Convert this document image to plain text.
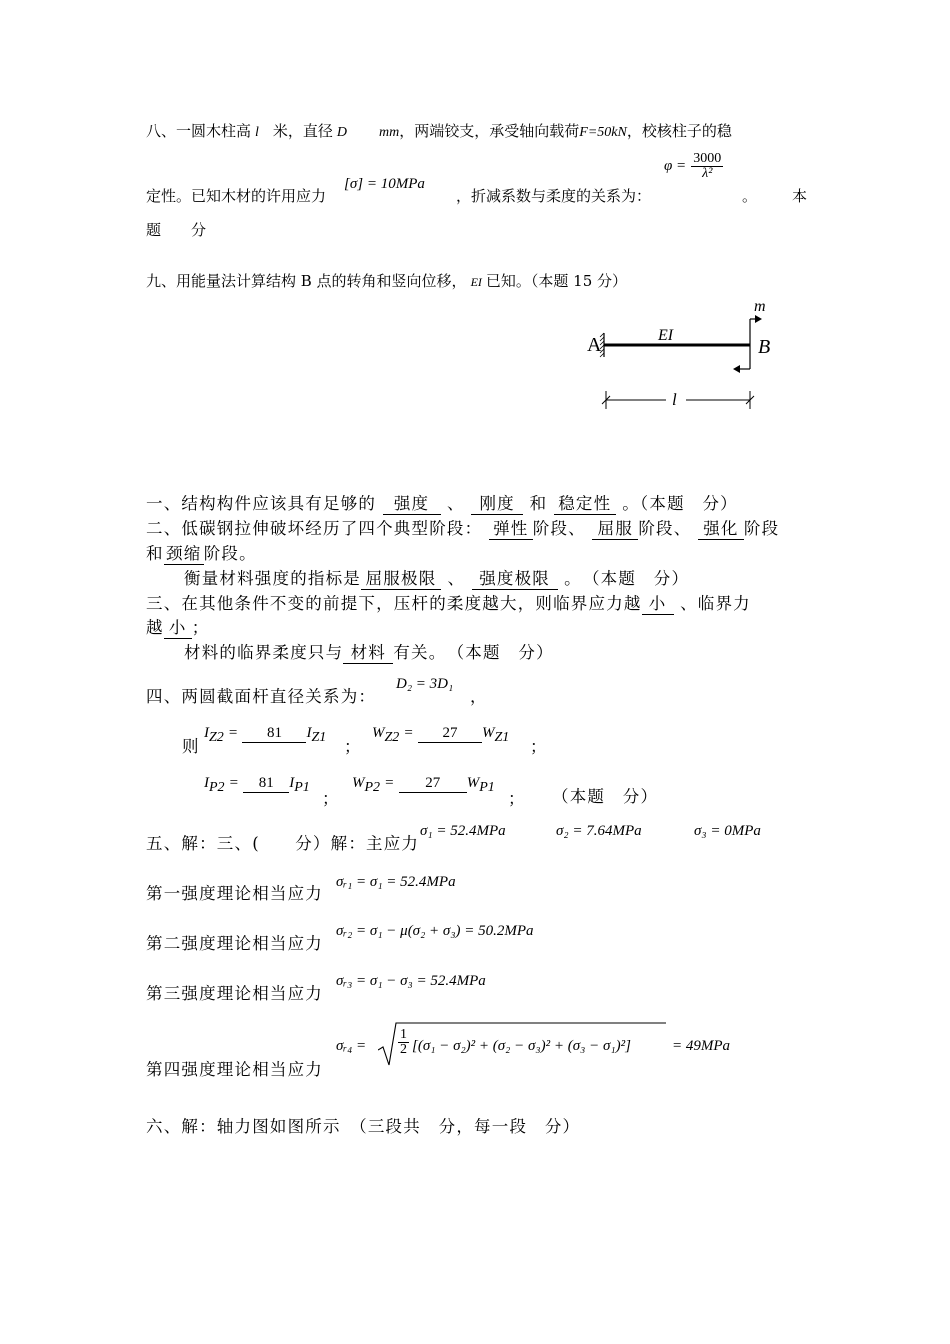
八、一圆木柱高 l 米，直径 D mm，两端铰支，承受轴向载荷F=50kN，校核柱子的稳
定性。已知木材的许用应力
[σ] = 10MPa
，折减系数与柔度的关系为：
$\varphi = \frac{3000}{\text{λ²}}$
。 本
题　　分
九、用能量法计算结构 B 点的转角和竖向位移， EI 已知。（本题 15 分）
A	EI
m
B
l
一、结构构件应该具有足够的 强度 、 刚度 和 稳定性 。（本题　分）
二、低碳钢拉伸破坏经历了四个典型阶段： 弹性 阶段、 屈服 阶段、 强化 阶段
和 颈缩 阶段。
衡量材料强度的指标是 屈服极限 、 强度极限 。　（本题　分）
三、在其他条件不变的前提下，压杆的柔度越大，则临界应力越 小 、临界力
越 小 ；
材料的临界柔度只与 材料 有关。　（本题　分）
四、两圆截面杆直径关系为：
D₂ = 3D₁
，
则
$I_{Z2} = 81$ $I_{Z1}$ ；
$W_{Z2} = 27$ $W_{Z1}$ ；
$I_{P2} = 81$ $I_{P1}$
；
$W_{P2} = 27$ $W_{P1}$
； （本题　分）
五、解：三、(　　分）解：主应力
σ₁ = 52.4MPa	σ₂ = 7.64MPa	σ₃ = 0MPa
第一强度理论相当应力
σᵣ₁ = σ₁ = 52.4MPa
第二强度理论相当应力
σᵣ₂ = σ₁ − μ(σ₂ + σ₃) = 50.2MPa
第三强度理论相当应力
σᵣ₃ = σ₁ − σ₃ = 52.4MPa
第四强度理论相当应力
σᵣ₄ = $\frac{1}{2} [(\sigma_1 - \sigma_2)^2 + (\sigma_2 - \sigma_3)^2 + (\sigma_3 - \sigma_1)^2]$	= 49MPa
六、解：轴力图如图所示　（三段共　分，每一段　分）
